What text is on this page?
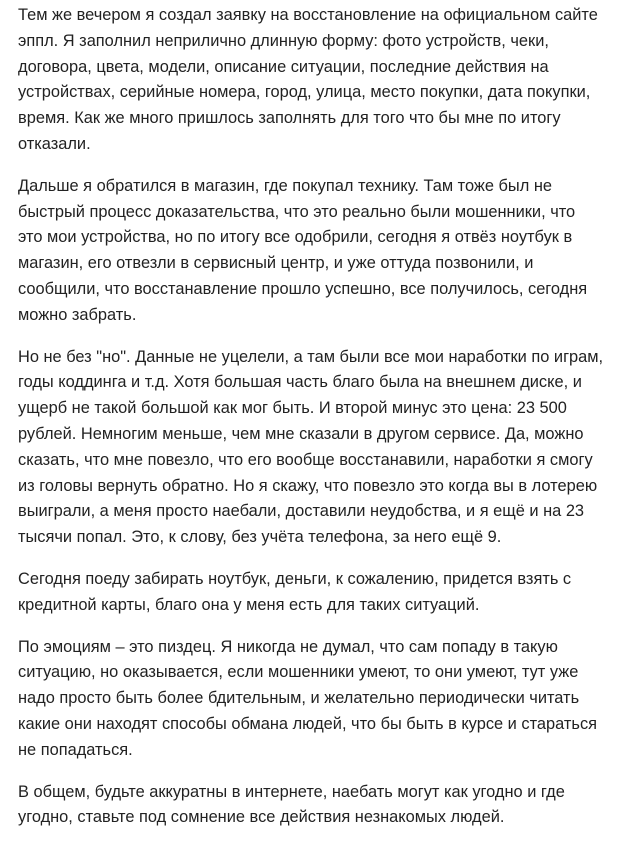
Тем же вечером я создал заявку на восстановление на официальном сайте эппл. Я заполнил неприлично длинную форму: фото устройств, чеки, договора, цвета, модели, описание ситуации, последние действия на устройствах, серийные номера, город, улица, место покупки, дата покупки, время. Как же много пришлось заполнять для того что бы мне по итогу отказали.

Дальше я обратился в магазин, где покупал технику. Там тоже был не быстрый процесс доказательства, что это реально были мошенники, что это мои устройства, но по итогу все одобрили, сегодня я отвёз ноутбук в магазин, его отвезли в сервисный центр, и уже оттуда позвонили, и сообщили, что восстанавление прошло успешно, все получилось, сегодня можно забрать.

Но не без "но". Данные не уцелели, а там были все мои наработки по играм, годы коддинга и т.д. Хотя большая часть благо была на внешнем диске, и ущерб не такой большой как мог быть. И второй минус это цена: 23 500 рублей. Немногим меньше, чем мне сказали в другом сервисе. Да, можно сказать, что мне повезло, что его вообще восстанавили, наработки я смогу из головы вернуть обратно. Но я скажу, что повезло это когда вы в лотерею выиграли, а меня просто наебали, доставили неудобства, и я ещё и на 23 тысячи попал. Это, к слову, без учёта телефона, за него ещё 9.

Сегодня поеду забирать ноутбук, деньги, к сожалению, придется взять с кредитной карты, благо она у меня есть для таких ситуаций.

По эмоциям – это пиздец. Я никогда не думал, что сам попаду в такую ситуацию, но оказывается, если мошенники умеют, то они умеют, тут уже надо просто быть более бдительным, и желательно периодически читать какие они находят способы обмана людей, что бы быть в курсе и стараться не попадаться.

В общем, будьте аккуратны в интернете, наебать могут как угодно и где угодно, ставьте под сомнение все действия незнакомых людей.
